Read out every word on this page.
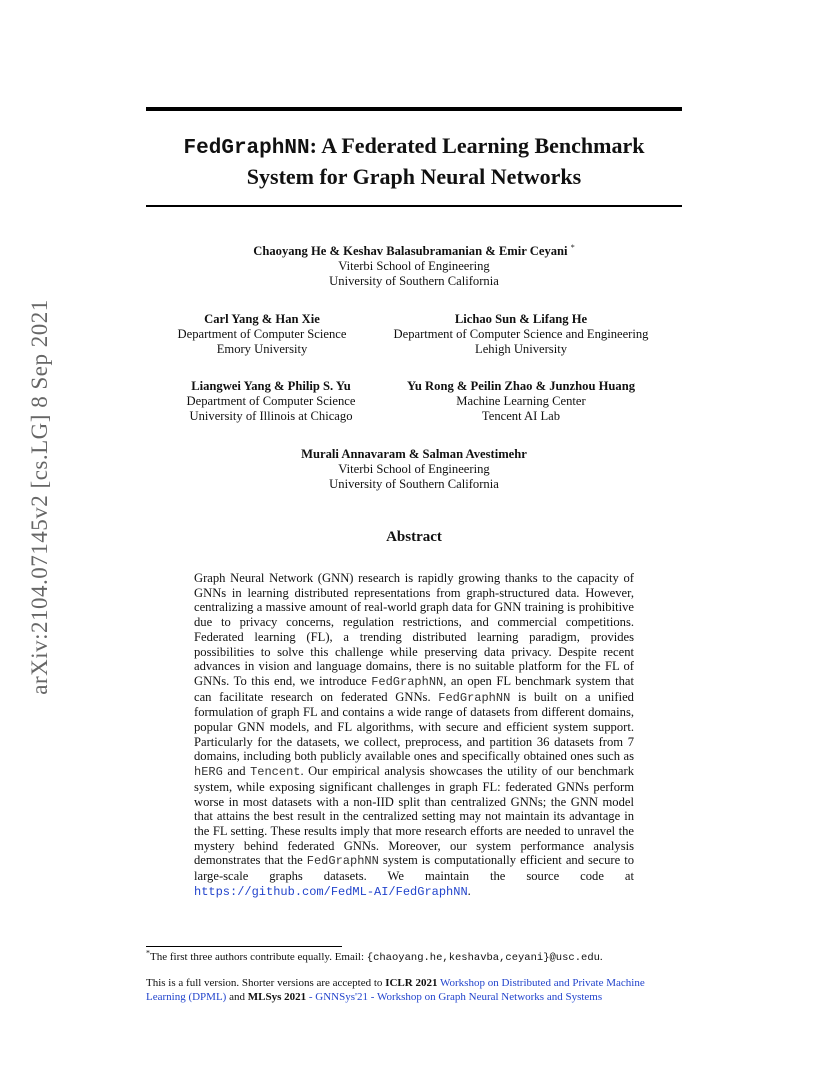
arXiv:2104.07145v2 [cs.LG] 8 Sep 2021
FedGraphNN: A Federated Learning Benchmark
System for Graph Neural Networks
Chaoyang He & Keshav Balasubramanian & Emir Ceyani *
Viterbi School of Engineering
University of Southern California
Carl Yang & Han Xie
Department of Computer Science
Emory University
Lichao Sun & Lifang He
Department of Computer Science and Engineering
Lehigh University
Liangwei Yang & Philip S. Yu
Department of Computer Science
University of Illinois at Chicago
Yu Rong & Peilin Zhao & Junzhou Huang
Machine Learning Center
Tencent AI Lab
Murali Annavaram & Salman Avestimehr
Viterbi School of Engineering
University of Southern California
Abstract
Graph Neural Network (GNN) research is rapidly growing thanks to the capacity of GNNs in learning distributed representations from graph-structured data. However, centralizing a massive amount of real-world graph data for GNN training is prohibitive due to privacy concerns, regulation restrictions, and commercial competitions. Federated learning (FL), a trending distributed learning paradigm, provides possibilities to solve this challenge while preserving data privacy. Despite recent advances in vision and language domains, there is no suitable platform for the FL of GNNs. To this end, we introduce FedGraphNN, an open FL benchmark system that can facilitate research on federated GNNs. FedGraphNN is built on a unified formulation of graph FL and contains a wide range of datasets from different domains, popular GNN models, and FL algorithms, with secure and efficient system support. Particularly for the datasets, we collect, preprocess, and partition 36 datasets from 7 domains, including both publicly available ones and specifically obtained ones such as hERG and Tencent. Our empirical analysis showcases the utility of our benchmark system, while exposing significant challenges in graph FL: federated GNNs perform worse in most datasets with a non-IID split than centralized GNNs; the GNN model that attains the best result in the centralized setting may not maintain its advantage in the FL setting. These results imply that more research efforts are needed to unravel the mystery behind federated GNNs. Moreover, our system performance analysis demonstrates that the FedGraphNN system is computationally efficient and secure to large-scale graphs datasets. We maintain the source code at https://github.com/FedML-AI/FedGraphNN.
*The first three authors contribute equally. Email: {chaoyang.he,keshavba,ceyani}@usc.edu.
This is a full version. Shorter versions are accepted to ICLR 2021 Workshop on Distributed and Private Machine Learning (DPML) and MLSys 2021 - GNNSys'21 - Workshop on Graph Neural Networks and Systems
